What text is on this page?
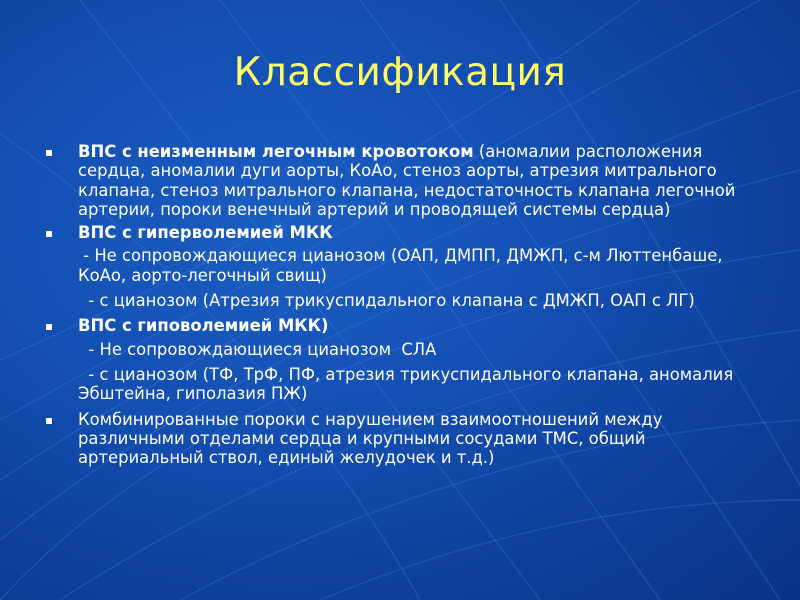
Классификация
ВПС с неизменным легочным кровотоком (аномалии расположения сердца, аномалии дуги аорты, КоАо, стеноз аорты, атрезия митрального клапана, стеноз митрального клапана, недостаточность клапана легочной артерии, пороки венечный артерий и проводящей системы сердца)
ВПС с гиперволемией МКК
- Не сопровождающиеся цианозом (ОАП, ДМПП, ДМЖП, с-м Люттенбаше, КоАо, аорто-легочный свищ)
- с цианозом (Атрезия трикуспидального клапана с ДМЖП, ОАП с ЛГ)
ВПС с гиповолемией МКК)
- Не сопровождающиеся цианозом  СЛА
- с цианозом (ТФ, ТрФ, ПФ, атрезия трикуспидального клапана, аномалия Эбштейна, гиполазия ПЖ)
Комбинированные пороки с нарушением взаимоотношений между различными отделами сердца и крупными сосудами ТМС, общий артериальный ствол, единый желудочек и т.д.)
